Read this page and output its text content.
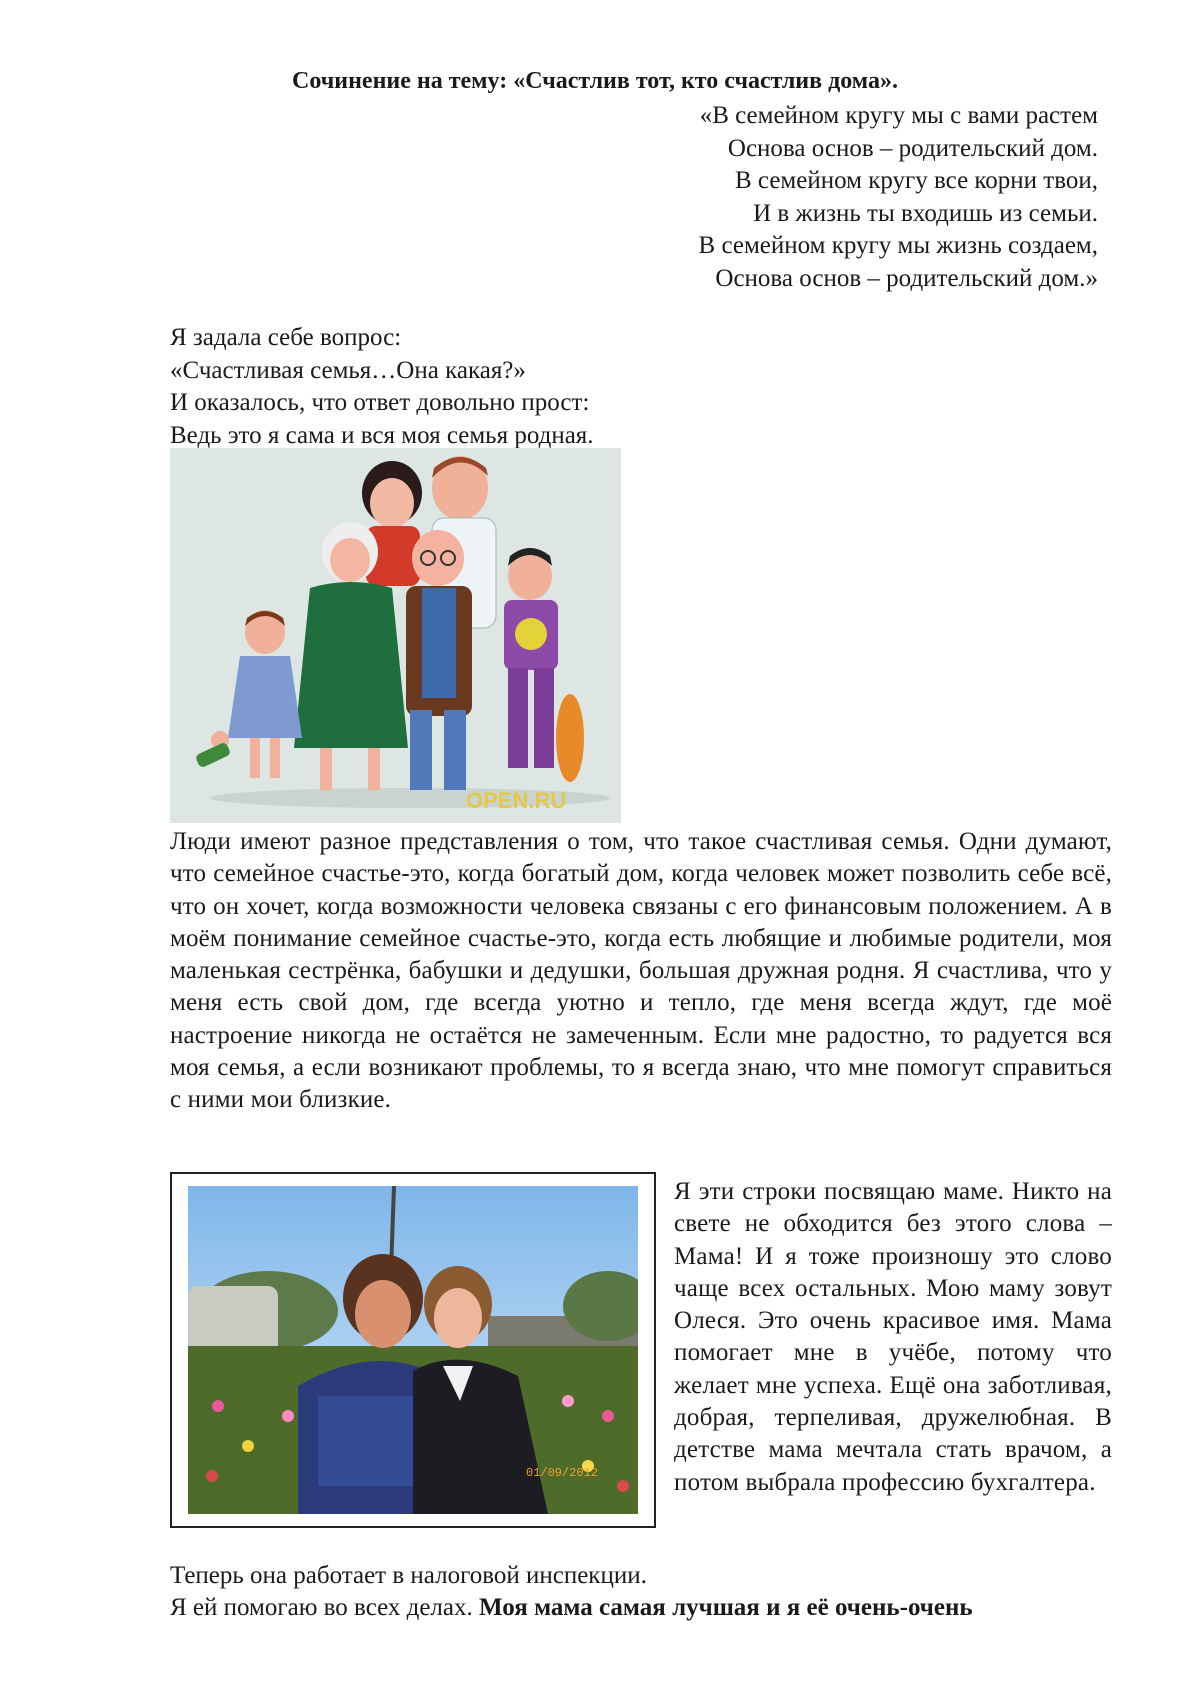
Сочинение на тему: «Счастлив тот, кто счастлив дома».
«В семейном кругу мы с вами растем
Основа основ – родительский дом.
В семейном кругу все корни твои,
И в жизнь ты входишь из семьи.
В семейном кругу мы жизнь создаем,
Основа основ – родительский дом.»
Я задала себе вопрос:
«Счастливая семья…Она какая?»
И оказалось, что ответ довольно прост:
Ведь это я сама и вся моя семья родная.
OPEN.RU

Люди имеют разное представления о том, что такое счастливая семья. Одни думают, что семейное счастье-это, когда богатый дом, когда человек может позволить себе всё, что он хочет, когда возможности человека связаны с его финансовым положением. А в моём понимание семейное счастье-это, когда есть любящие и любимые родители, моя маленькая сестрёнка, бабушки и дедушки, большая дружная родня. Я счастлива, что у меня есть свой дом, где всегда уютно и тепло, где меня всегда ждут, где моё настроение никогда не остаётся не замеченным. Если мне радостно, то радуется вся моя семья, а если возникают проблемы, то я всегда знаю, что мне помогут справиться с ними мои близкие.

01/09/2012

Я эти строки посвящаю маме. Никто на свете не обходится без этого слова – Мама! И я тоже произношу это слово чаще всех остальных. Мою маму зовут Олеся. Это очень красивое имя. Мама помогает мне в учёбе, потому что желает мне успеха. Ещё она заботливая, добрая, терпеливая, дружелюбная. В детстве мама мечтала стать врачом, а потом выбрала профессию бухгалтера.

Теперь она работает в налоговой инспекции.
Я ей помогаю во всех делах. Моя мама самая лучшая и я её очень-очень
